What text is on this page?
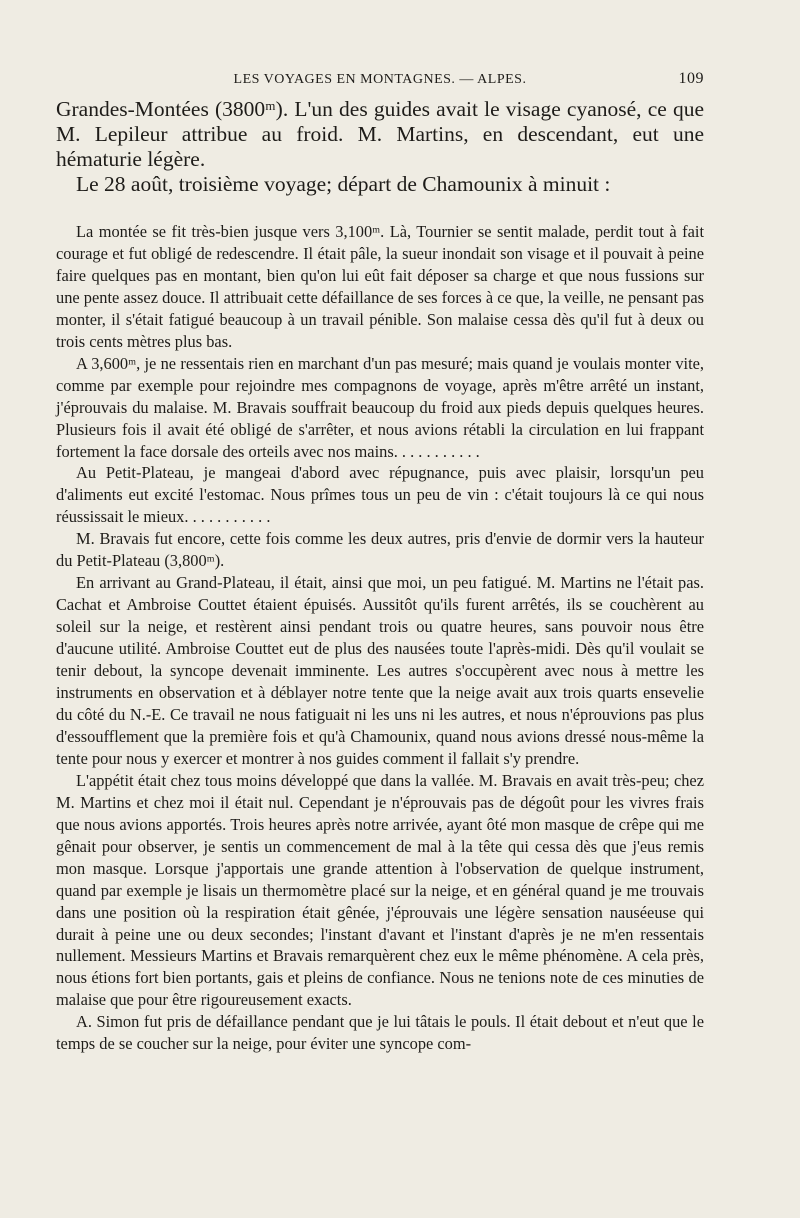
LES VOYAGES EN MONTAGNES. — ALPES.	109

Grandes-Montées (3800ᵐ). L'un des guides avait le visage cyanosé, ce que M. Lepileur attribue au froid. M. Martins, en descendant, eut une hématurie légère.

Le 28 août, troisième voyage; départ de Chamounix à minuit :

La montée se fit très-bien jusque vers 3,100ᵐ. Là, Tournier se sentit malade, perdit tout à fait courage et fut obligé de redescendre. Il était pâle, la sueur inondait son visage et il pouvait à peine faire quelques pas en montant, bien qu'on lui eût fait déposer sa charge et que nous fussions sur une pente assez douce. Il attribuait cette défaillance de ses forces à ce que, la veille, ne pensant pas monter, il s'était fatigué beaucoup à un travail pénible. Son malaise cessa dès qu'il fut à deux ou trois cents mètres plus bas.

A 3,600ᵐ, je ne ressentais rien en marchant d'un pas mesuré; mais quand je voulais monter vite, comme par exemple pour rejoindre mes compagnons de voyage, après m'être arrêté un instant, j'éprouvais du malaise. M. Bravais souffrait beaucoup du froid aux pieds depuis quelques heures. Plusieurs fois il avait été obligé de s'arrêter, et nous avions rétabli la circulation en lui frappant fortement la face dorsale des orteils avec nos mains. . . . . . . . . . .

Au Petit-Plateau, je mangeai d'abord avec répugnance, puis avec plaisir, lorsqu'un peu d'aliments eut excité l'estomac. Nous prîmes tous un peu de vin : c'était toujours là ce qui nous réussissait le mieux. . . . . . . . . . .

M. Bravais fut encore, cette fois comme les deux autres, pris d'envie de dormir vers la hauteur du Petit-Plateau (3,800ᵐ).

En arrivant au Grand-Plateau, il était, ainsi que moi, un peu fatigué. M. Martins ne l'était pas. Cachat et Ambroise Couttet étaient épuisés. Aussitôt qu'ils furent arrêtés, ils se couchèrent au soleil sur la neige, et restèrent ainsi pendant trois ou quatre heures, sans pouvoir nous être d'aucune utilité. Ambroise Couttet eut de plus des nausées toute l'après-midi. Dès qu'il voulait se tenir debout, la syncope devenait imminente. Les autres s'occupèrent avec nous à mettre les instruments en observation et à déblayer notre tente que la neige avait aux trois quarts ensevelie du côté du N.-E. Ce travail ne nous fatiguait ni les uns ni les autres, et nous n'éprouvions pas plus d'essoufflement que la première fois et qu'à Chamounix, quand nous avions dressé nous-même la tente pour nous y exercer et montrer à nos guides comment il fallait s'y prendre.

L'appétit était chez tous moins développé que dans la vallée. M. Bravais en avait très-peu; chez M. Martins et chez moi il était nul. Cependant je n'éprouvais pas de dégoût pour les vivres frais que nous avions apportés. Trois heures après notre arrivée, ayant ôté mon masque de crêpe qui me gênait pour observer, je sentis un commencement de mal à la tête qui cessa dès que j'eus remis mon masque. Lorsque j'apportais une grande attention à l'observation de quelque instrument, quand par exemple je lisais un thermomètre placé sur la neige, et en général quand je me trouvais dans une position où la respiration était gênée, j'éprouvais une légère sensation nauséeuse qui durait à peine une ou deux secondes; l'instant d'avant et l'instant d'après je ne m'en ressentais nullement. Messieurs Martins et Bravais remarquèrent chez eux le même phénomène. A cela près, nous étions fort bien portants, gais et pleins de confiance. Nous ne tenions note de ces minuties de malaise que pour être rigoureusement exacts.

A. Simon fut pris de défaillance pendant que je lui tâtais le pouls. Il était debout et n'eut que le temps de se coucher sur la neige, pour éviter une syncope com-
